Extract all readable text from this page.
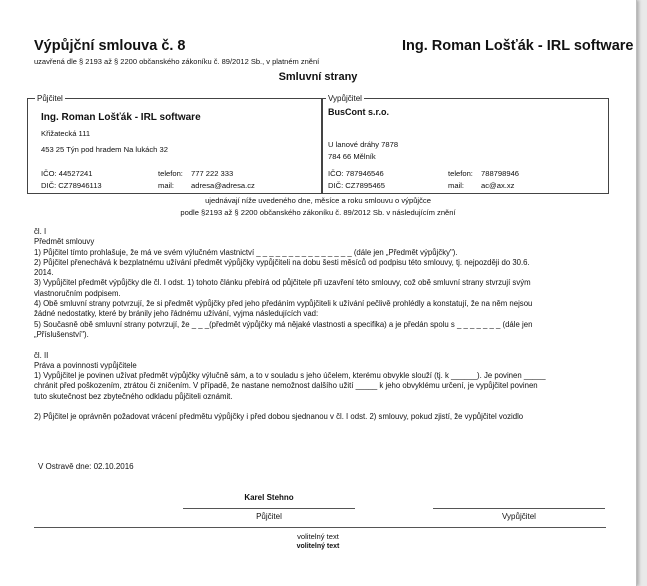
Výpůjční smlouva č. 8	Ing. Roman Lošťák - IRL software
uzavřená dle § 2193 až § 2200 občanského zákoníku č. 89/2012 Sb., v platném znění
Smluvní strany
Půjčitel
Ing. Roman Lošťák - IRL software
Křižatecká 111
453 25 Týn pod hradem Na lukách 32
IČO: 44527241
DIČ: CZ78946113
telefon: 777 222 333
mail: adresa@adresa.cz
Vypůjčitel
BusCont s.r.o.
U lanové dráhy 7878
784 66 Mělník
IČO: 787946546
DIČ: CZ7895465
telefon: 788798946
mail: ac@ax.xz
ujednávají níže uvedeného dne, měsíce a roku smlouvu o výpůjčce
podle §2193 až § 2200 občanského zákoníku č. 89/2012 Sb. v následujícím znění
čl. I
Předmět smlouvy
1) Půjčitel tímto prohlašuje, že má ve svém výlučném vlastnictví _ _ _ _ _ _ _ _ _ _ _ _ _ _ _ (dále jen „Předmět výpůjčky").
2) Půjčitel přenechává k bezplatnému užívání předmět výpůjčky vypůjčiteli na dobu šesti měsíců od podpisu této smlouvy, tj. nejpozději do 30.6.
2014.
3) Vypůjčitel předmět výpůjčky dle čl. I odst. 1) tohoto článku přebírá od půjčitele při uzavření této smlouvy, což obě smluvní strany stvrzují svým
vlastnoručním podpisem.
4) Obě smluvní strany potvrzují, že si předmět výpůjčky před jeho předáním vypůjčiteli k užívání pečlivě prohlédly a konstatují, že na něm nejsou
žádné nedostatky, které by bránily jeho řádnému užívání, vyjma následujících vad:
5) Současně obě smluvní strany potvrzují, že _ _ _(předmět výpůjčky má nějaké vlastnosti a specifika) a je předán spolu s _ _ _ _ _ _ _ (dále jen
„Příslušenství").
čl. II
Práva a povinnosti vypůjčitele
1) Vypůjčitel je povinen užívat předmět výpůjčky výlučně sám, a to v souladu s jeho účelem, kterému obvykle slouží (tj. k ______). Je povinen _____
chránit před poškozením, ztrátou či zničením. V případě, že nastane nemožnost dalšího užití _____ k jeho obvyklému určení, je vypůjčitel povinen
tuto skutečnost bez zbytečného odkladu půjčiteli oznámit.
2) Půjčitel je oprávněn požadovat vrácení předmětu výpůjčky i před dobou sjednanou v čl. I odst. 2) smlouvy, pokud zjistí, že vypůjčitel vozidlo
V Ostravě dne: 02.10.2016
Karel Stehno
Půjčitel	Vypůjčitel
volitelný text
volitelný text
